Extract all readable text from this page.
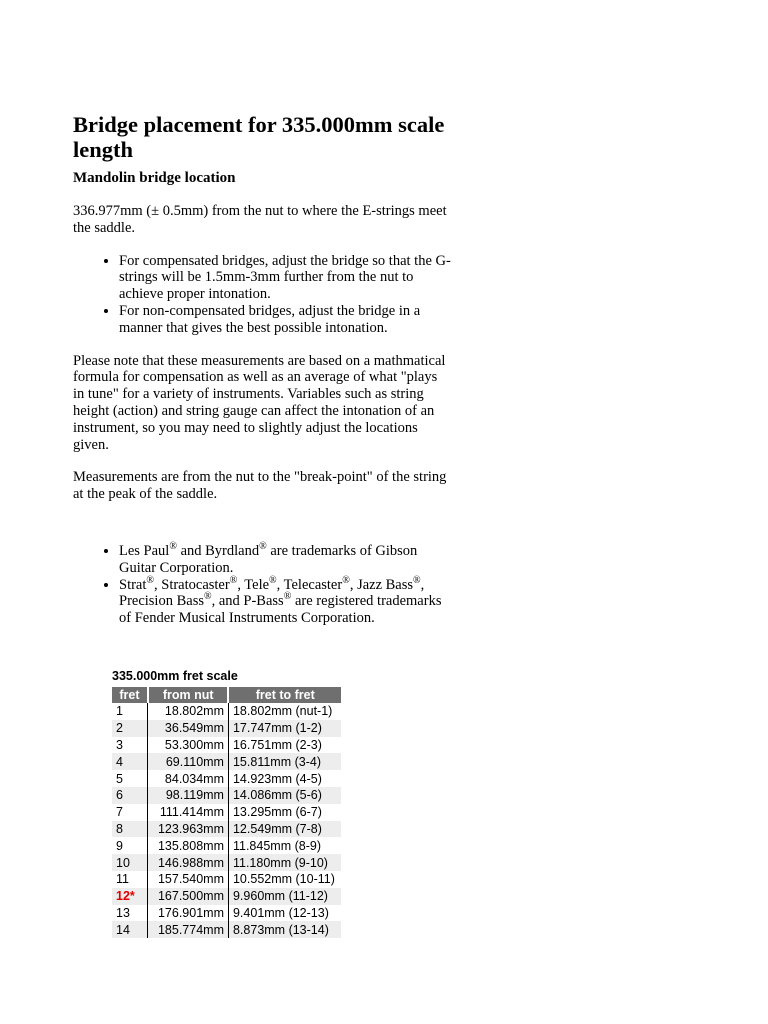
Bridge placement for 335.000mm scale length
Mandolin bridge location

336.977mm (± 0.5mm) from the nut to where the E-strings meet the saddle.

• For compensated bridges, adjust the bridge so that the G-strings will be 1.5mm-3mm further from the nut to achieve proper intonation.
• For non-compensated bridges, adjust the bridge in a manner that gives the best possible intonation.

Please note that these measurements are based on a mathmatical formula for compensation as well as an average of what "plays in tune" for a variety of instruments. Variables such as string height (action) and string gauge can affect the intonation of an instrument, so you may need to slightly adjust the locations given.

Measurements are from the nut to the "break-point" of the string at the peak of the saddle.

• Les Paul® and Byrdland® are trademarks of Gibson Guitar Corporation.
• Strat®, Stratocaster®, Tele®, Telecaster®, Jazz Bass®, Precision Bass®, and P-Bass® are registered trademarks of Fender Musical Instruments Corporation.
335.000mm fret scale
fret	from nut	fret to fret
1	18.802mm	18.802mm (nut-1)
2	36.549mm	17.747mm (1-2)
3	53.300mm	16.751mm (2-3)
4	69.110mm	15.811mm (3-4)
5	84.034mm	14.923mm (4-5)
6	98.119mm	14.086mm (5-6)
7	111.414mm	13.295mm (6-7)
8	123.963mm	12.549mm (7-8)
9	135.808mm	11.845mm (8-9)
10	146.988mm	11.180mm (9-10)
11	157.540mm	10.552mm (10-11)
12*	167.500mm	9.960mm (11-12)
13	176.901mm	9.401mm (12-13)
14	185.774mm	8.873mm (13-14)
